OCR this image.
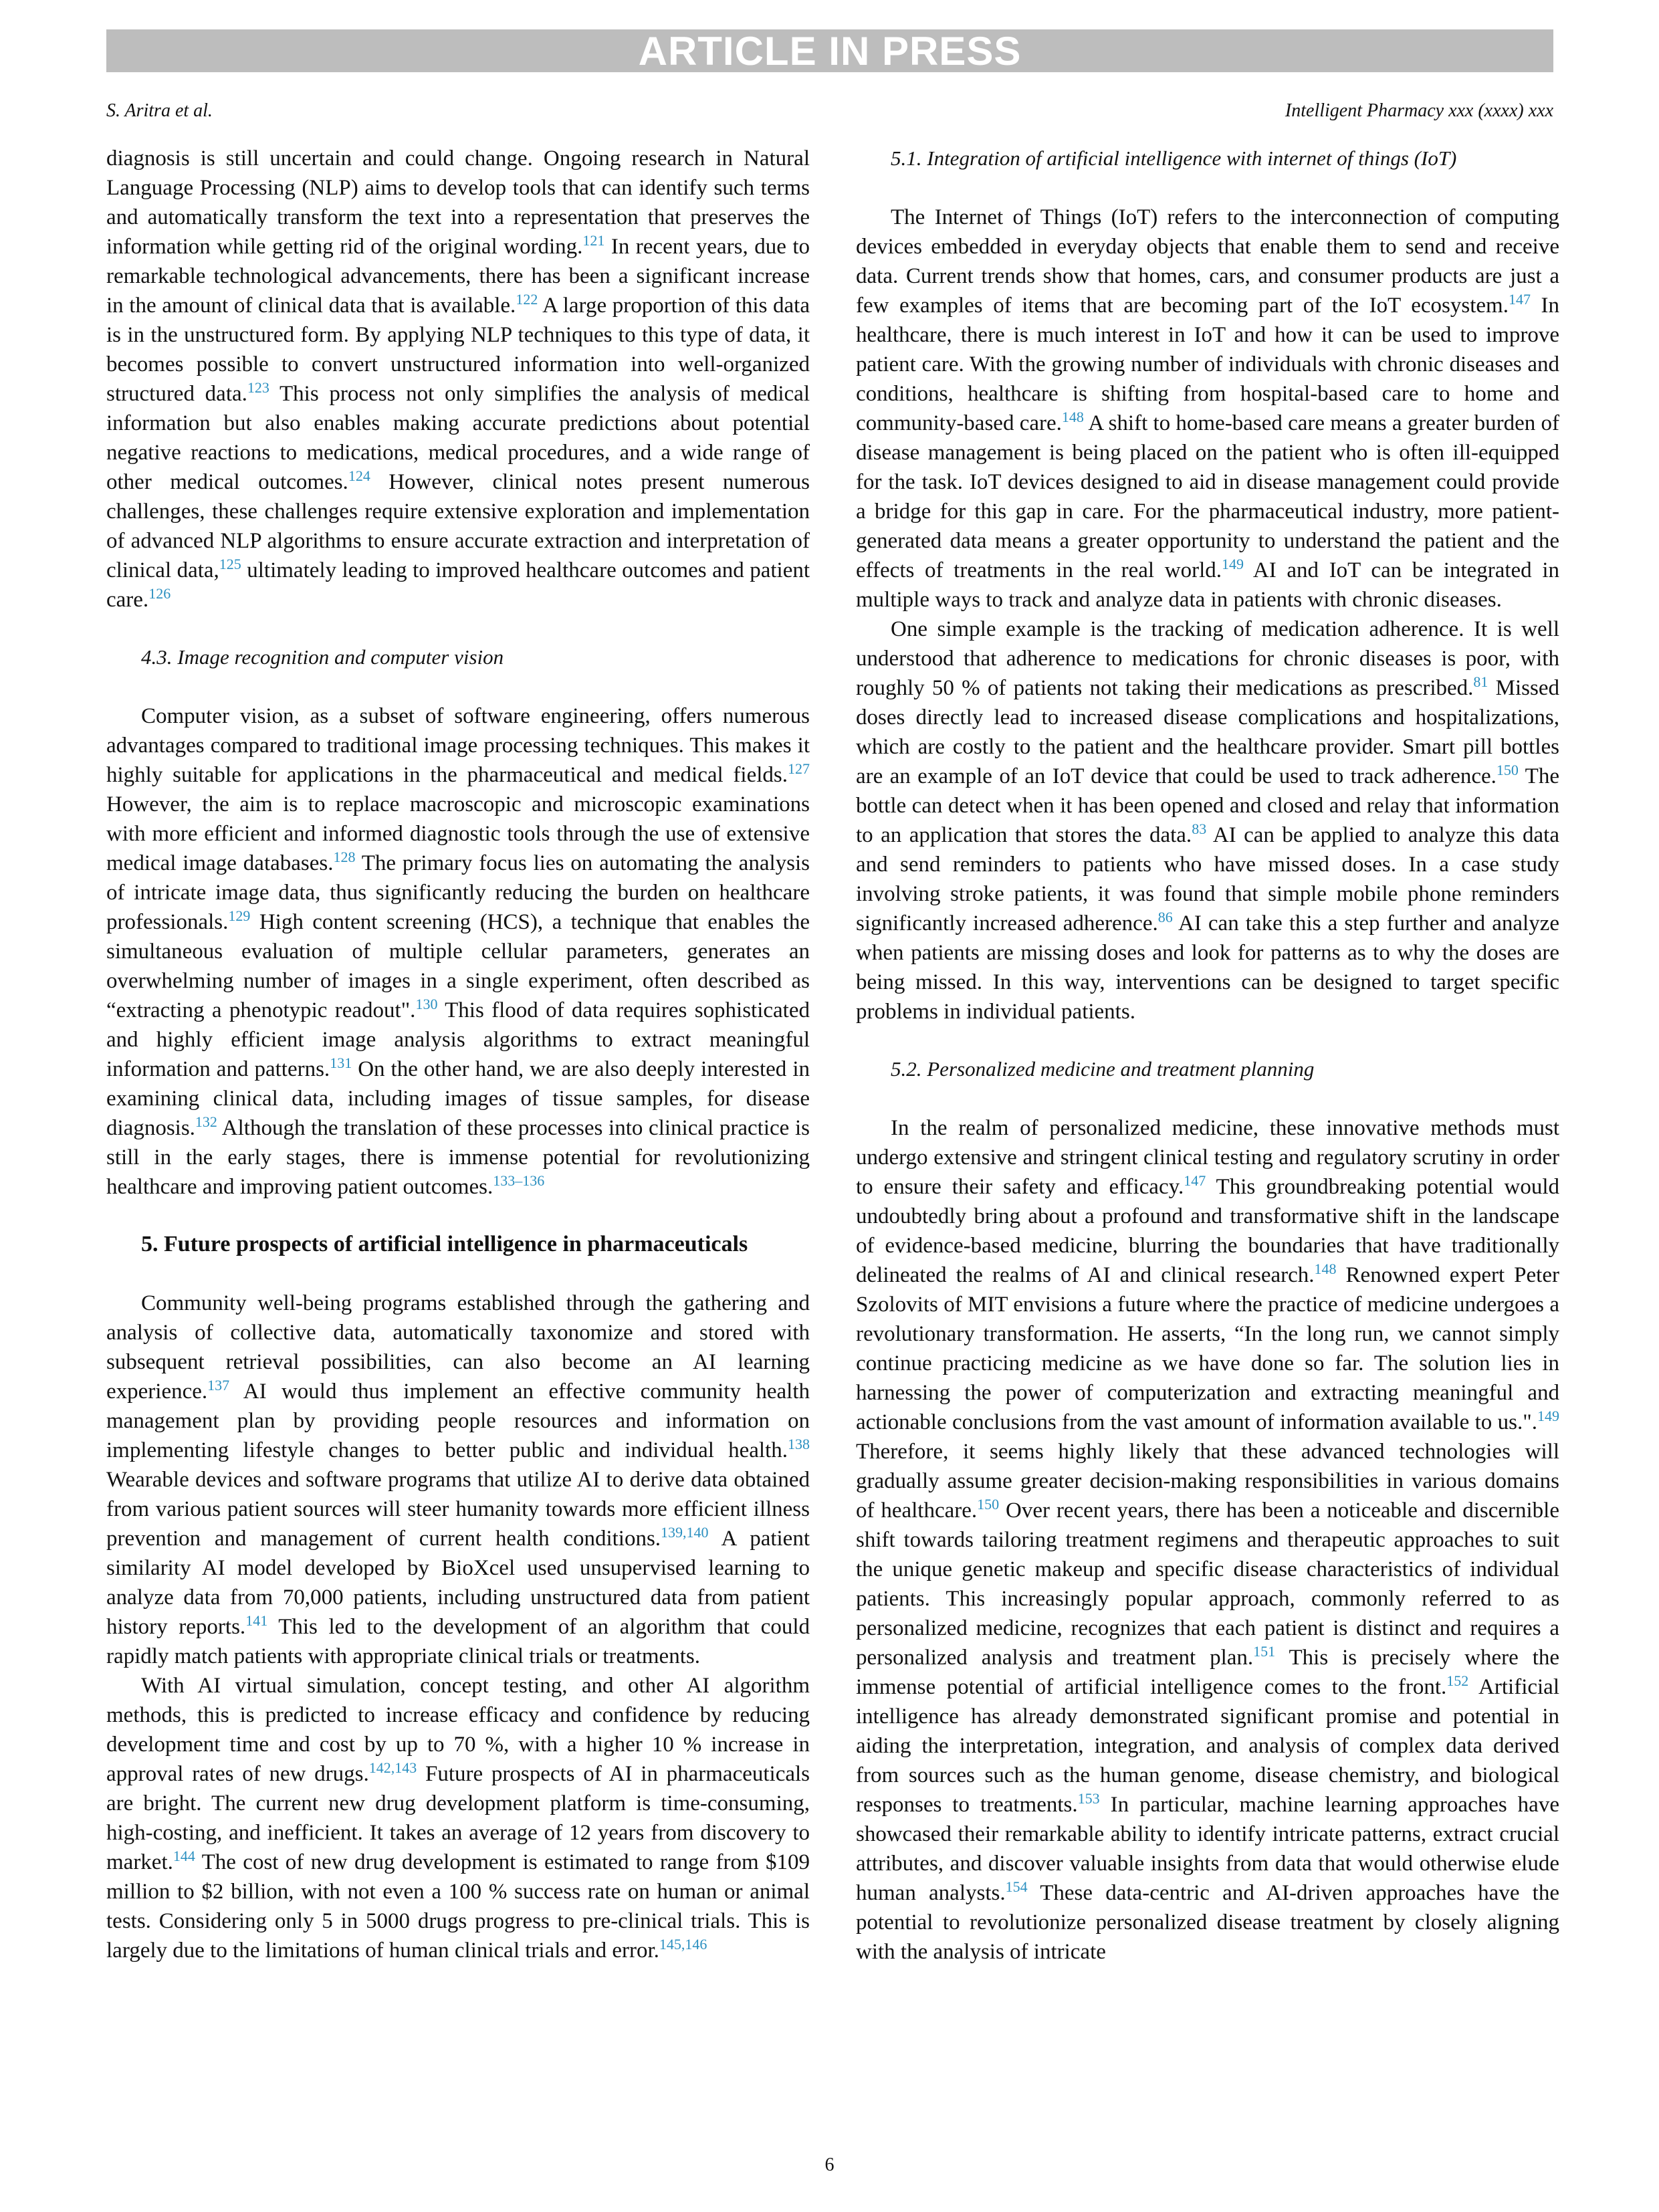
ARTICLE IN PRESS
S. Aritra et al.	Intelligent Pharmacy xxx (xxxx) xxx

diagnosis is still uncertain and could change. Ongoing research in Natural Language Processing (NLP) aims to develop tools that can identify such terms and automatically transform the text into a representation that preserves the information while getting rid of the original wording.$^{121}$ In recent years, due to remarkable technological advancements, there has been a significant increase in the amount of clinical data that is available.$^{122}$ A large proportion of this data is in the unstructured form. By applying NLP techniques to this type of data, it becomes possible to convert unstructured information into well-organized structured data.$^{123}$ This process not only simplifies the analysis of medical information but also enables making accurate predictions about potential negative reactions to medications, medical procedures, and a wide range of other medical outcomes.$^{124}$ However, clinical notes present numerous challenges, these challenges require extensive exploration and implementation of advanced NLP algorithms to ensure accurate extraction and interpretation of clinical data,$^{125}$ ultimately leading to improved healthcare outcomes and patient care.$^{126}$

4.3. Image recognition and computer vision

Computer vision, as a subset of software engineering, offers numerous advantages compared to traditional image processing techniques. This makes it highly suitable for applications in the pharmaceutical and medical fields.$^{127}$ However, the aim is to replace macroscopic and microscopic examinations with more efficient and informed diagnostic tools through the use of extensive medical image databases.$^{128}$ The primary focus lies on automating the analysis of intricate image data, thus significantly reducing the burden on healthcare professionals.$^{129}$ High content screening (HCS), a technique that enables the simultaneous evaluation of multiple cellular parameters, generates an overwhelming number of images in a single experiment, often described as “extracting a phenotypic readout".$^{130}$ This flood of data requires sophisticated and highly efficient image analysis algorithms to extract meaningful information and patterns.$^{131}$ On the other hand, we are also deeply interested in examining clinical data, including images of tissue samples, for disease diagnosis.$^{132}$ Although the translation of these processes into clinical practice is still in the early stages, there is immense potential for revolutionizing healthcare and improving patient outcomes.$^{133-136}$

5. Future prospects of artificial intelligence in pharmaceuticals

Community well-being programs established through the gathering and analysis of collective data, automatically taxonomize and stored with subsequent retrieval possibilities, can also become an AI learning experience.$^{137}$ AI would thus implement an effective community health management plan by providing people resources and information on implementing lifestyle changes to better public and individual health.$^{138}$ Wearable devices and software programs that utilize AI to derive data obtained from various patient sources will steer humanity towards more efficient illness prevention and management of current health conditions.$^{139,140}$ A patient similarity AI model developed by BioXcel used unsupervised learning to analyze data from 70,000 patients, including unstructured data from patient history reports.$^{141}$ This led to the development of an algorithm that could rapidly match patients with appropriate clinical trials or treatments.

With AI virtual simulation, concept testing, and other AI algorithm methods, this is predicted to increase efficacy and confidence by reducing development time and cost by up to 70 %, with a higher 10 % increase in approval rates of new drugs.$^{142,143}$ Future prospects of AI in pharmaceuticals are bright. The current new drug development platform is time-consuming, high-costing, and inefficient. It takes an average of 12 years from discovery to market.$^{144}$ The cost of new drug development is estimated to range from $109 million to $2 billion, with not even a 100 % success rate on human or animal tests. Considering only 5 in 5000 drugs progress to pre-clinical trials. This is largely due to the limitations of human clinical trials and error.$^{145,146}$

5.1. Integration of artificial intelligence with internet of things (IoT)

The Internet of Things (IoT) refers to the interconnection of computing devices embedded in everyday objects that enable them to send and receive data. Current trends show that homes, cars, and consumer products are just a few examples of items that are becoming part of the IoT ecosystem.$^{147}$ In healthcare, there is much interest in IoT and how it can be used to improve patient care. With the growing number of individuals with chronic diseases and conditions, healthcare is shifting from hospital-based care to home and community-based care.$^{148}$ A shift to home-based care means a greater burden of disease management is being placed on the patient who is often ill-equipped for the task. IoT devices designed to aid in disease management could provide a bridge for this gap in care. For the pharmaceutical industry, more patient-generated data means a greater opportunity to understand the patient and the effects of treatments in the real world.$^{149}$ AI and IoT can be integrated in multiple ways to track and analyze data in patients with chronic diseases.

One simple example is the tracking of medication adherence. It is well understood that adherence to medications for chronic diseases is poor, with roughly 50 % of patients not taking their medications as prescribed.$^{81}$ Missed doses directly lead to increased disease complications and hospitalizations, which are costly to the patient and the healthcare provider. Smart pill bottles are an example of an IoT device that could be used to track adherence.$^{150}$ The bottle can detect when it has been opened and closed and relay that information to an application that stores the data.$^{83}$ AI can be applied to analyze this data and send reminders to patients who have missed doses. In a case study involving stroke patients, it was found that simple mobile phone reminders significantly increased adherence.$^{86}$ AI can take this a step further and analyze when patients are missing doses and look for patterns as to why the doses are being missed. In this way, interventions can be designed to target specific problems in individual patients.

5.2. Personalized medicine and treatment planning

In the realm of personalized medicine, these innovative methods must undergo extensive and stringent clinical testing and regulatory scrutiny in order to ensure their safety and efficacy.$^{147}$ This groundbreaking potential would undoubtedly bring about a profound and transformative shift in the landscape of evidence-based medicine, blurring the boundaries that have traditionally delineated the realms of AI and clinical research.$^{148}$ Renowned expert Peter Szolovits of MIT envisions a future where the practice of medicine undergoes a revolutionary transformation. He asserts, “In the long run, we cannot simply continue practicing medicine as we have done so far. The solution lies in harnessing the power of computerization and extracting meaningful and actionable conclusions from the vast amount of information available to us.".$^{149}$ Therefore, it seems highly likely that these advanced technologies will gradually assume greater decision-making responsibilities in various domains of healthcare.$^{150}$ Over recent years, there has been a noticeable and discernible shift towards tailoring treatment regimens and therapeutic approaches to suit the unique genetic makeup and specific disease characteristics of individual patients. This increasingly popular approach, commonly referred to as personalized medicine, recognizes that each patient is distinct and requires a personalized analysis and treatment plan.$^{151}$ This is precisely where the immense potential of artificial intelligence comes to the front.$^{152}$ Artificial intelligence has already demonstrated significant promise and potential in aiding the interpretation, integration, and analysis of complex data derived from sources such as the human genome, disease chemistry, and biological responses to treatments.$^{153}$ In particular, machine learning approaches have showcased their remarkable ability to identify intricate patterns, extract crucial attributes, and discover valuable insights from data that would otherwise elude human analysts.$^{154}$ These data-centric and AI-driven approaches have the potential to revolutionize personalized disease treatment by closely aligning with the analysis of intricate

6
